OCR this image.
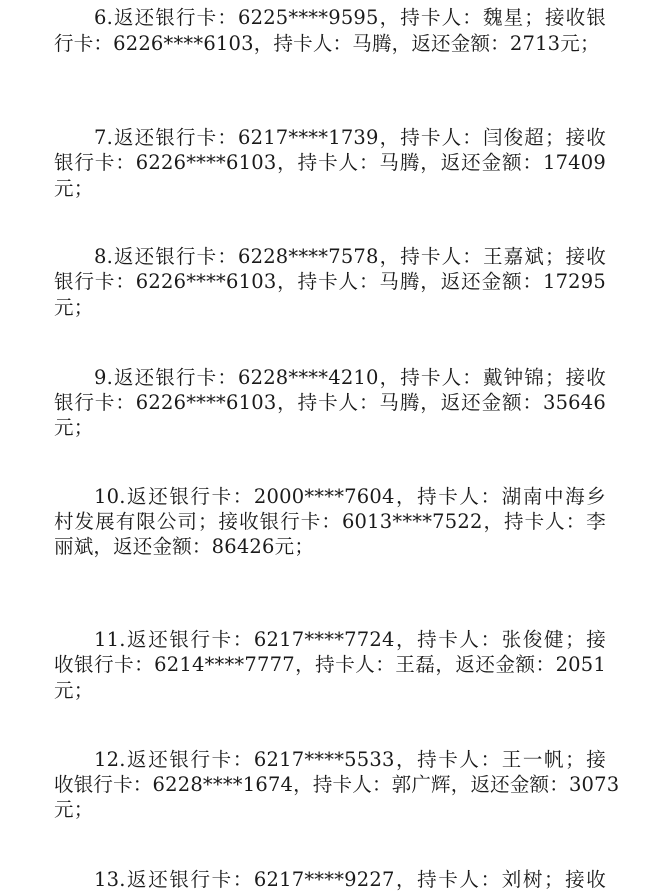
6.返还银行卡：6225****9595，持卡人：魏星；接收银
行卡：6226****6103，持卡人：马腾，返还金额：2713元；
7.返还银行卡：6217****1739，持卡人：闫俊超；接收
银行卡：6226****6103，持卡人：马腾，返还金额：17409
元；
8.返还银行卡：6228****7578，持卡人：王嘉斌；接收
银行卡：6226****6103，持卡人：马腾，返还金额：17295
元；
9.返还银行卡：6228****4210，持卡人：戴钟锦；接收
银行卡：6226****6103，持卡人：马腾，返还金额：35646
元；
10.返还银行卡：2000****7604，持卡人：湖南中海乡
村发展有限公司；接收银行卡：6013****7522，持卡人：李
丽斌，返还金额：86426元；
11.返还银行卡：6217****7724，持卡人：张俊健；接
收银行卡：6214****7777，持卡人：王磊，返还金额：2051
元；
12.返还银行卡：6217****5533，持卡人：王一帆；接
收银行卡：6228****1674，持卡人：郭广辉，返还金额：3073
元；
13.返还银行卡：6217****9227，持卡人：刘树；接收
